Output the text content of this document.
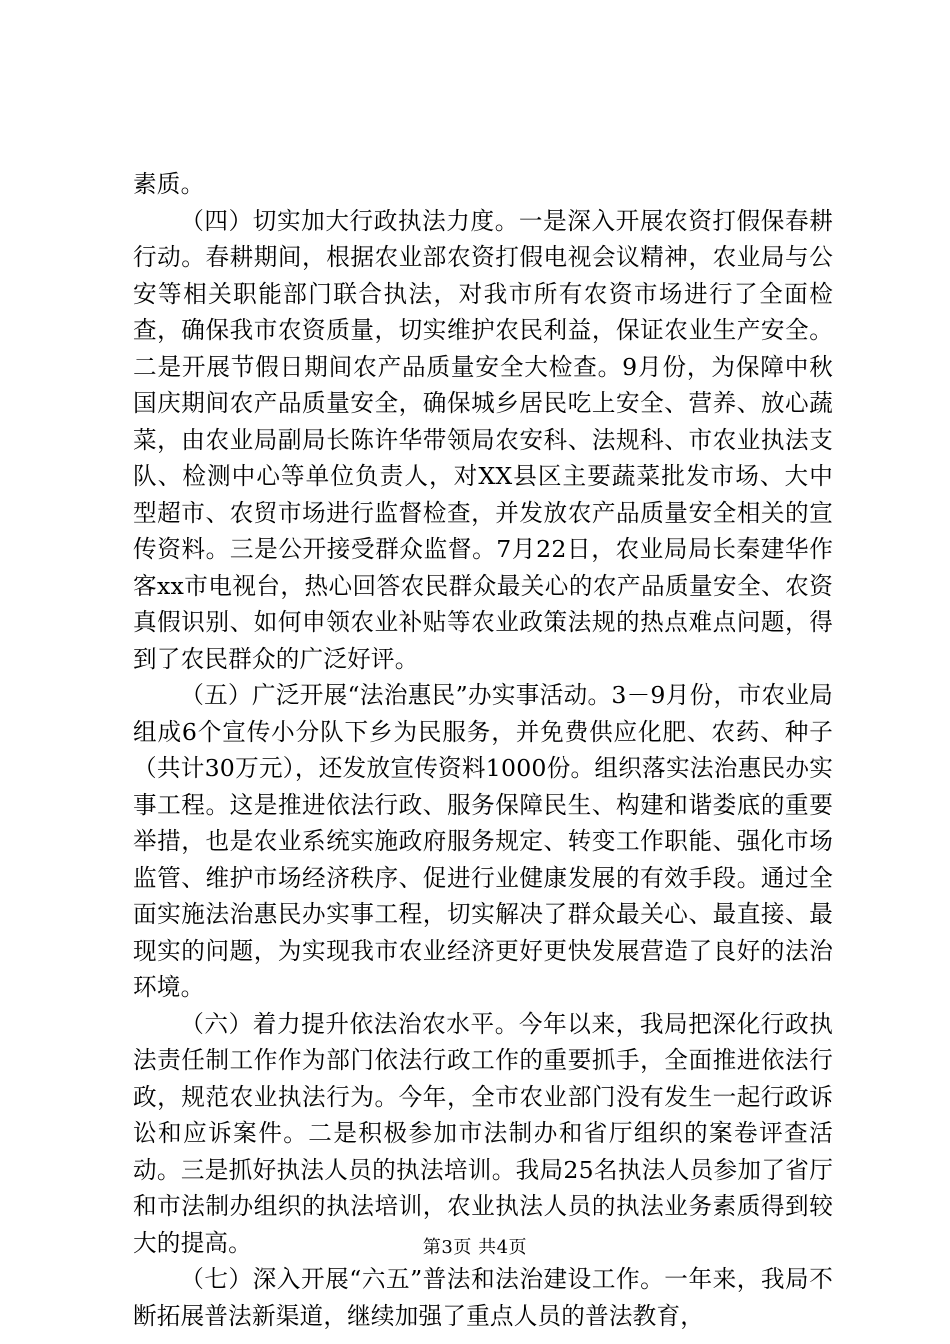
素质。

（四）切实加大行政执法力度。一是深入开展农资打假保春耕行动。春耕期间，根据农业部农资打假电视会议精神，农业局与公安等相关职能部门联合执法，对我市所有农资市场进行了全面检查，确保我市农资质量，切实维护农民利益，保证农业生产安全。二是开展节假日期间农产品质量安全大检查。9月份，为保障中秋国庆期间农产品质量安全，确保城乡居民吃上安全、营养、放心蔬菜，由农业局副局长陈许华带领局农安科、法规科、市农业执法支队、检测中心等单位负责人，对XX县区主要蔬菜批发市场、大中型超市、农贸市场进行监督检查，并发放农产品质量安全相关的宣传资料。三是公开接受群众监督。7月22日，农业局局长秦建华作客xx市电视台，热心回答农民群众最关心的农产品质量安全、农资真假识别、如何申领农业补贴等农业政策法规的热点难点问题，得到了农民群众的广泛好评。

（五）广泛开展“法治惠民”办实事活动。3－9月份，市农业局组成6个宣传小分队下乡为民服务，并免费供应化肥、农药、种子（共计30万元），还发放宣传资料1000份。组织落实法治惠民办实事工程。这是推进依法行政、服务保障民生、构建和谐娄底的重要举措，也是农业系统实施政府服务规定、转变工作职能、强化市场监管、维护市场经济秩序、促进行业健康发展的有效手段。通过全面实施法治惠民办实事工程，切实解决了群众最关心、最直接、最现实的问题，为实现我市农业经济更好更快发展营造了良好的法治环境。

（六）着力提升依法治农水平。今年以来，我局把深化行政执法责任制工作作为部门依法行政工作的重要抓手，全面推进依法行政，规范农业执法行为。今年，全市农业部门没有发生一起行政诉讼和应诉案件。二是积极参加市法制办和省厅组织的案卷评查活动。三是抓好执法人员的执法培训。我局25名执法人员参加了省厅和市法制办组织的执法培训，农业执法人员的执法业务素质得到较大的提高。

（七）深入开展“六五”普法和法治建设工作。一年来，我局不断拓展普法新渠道，继续加强了重点人员的普法教育，

第3页 共4页
